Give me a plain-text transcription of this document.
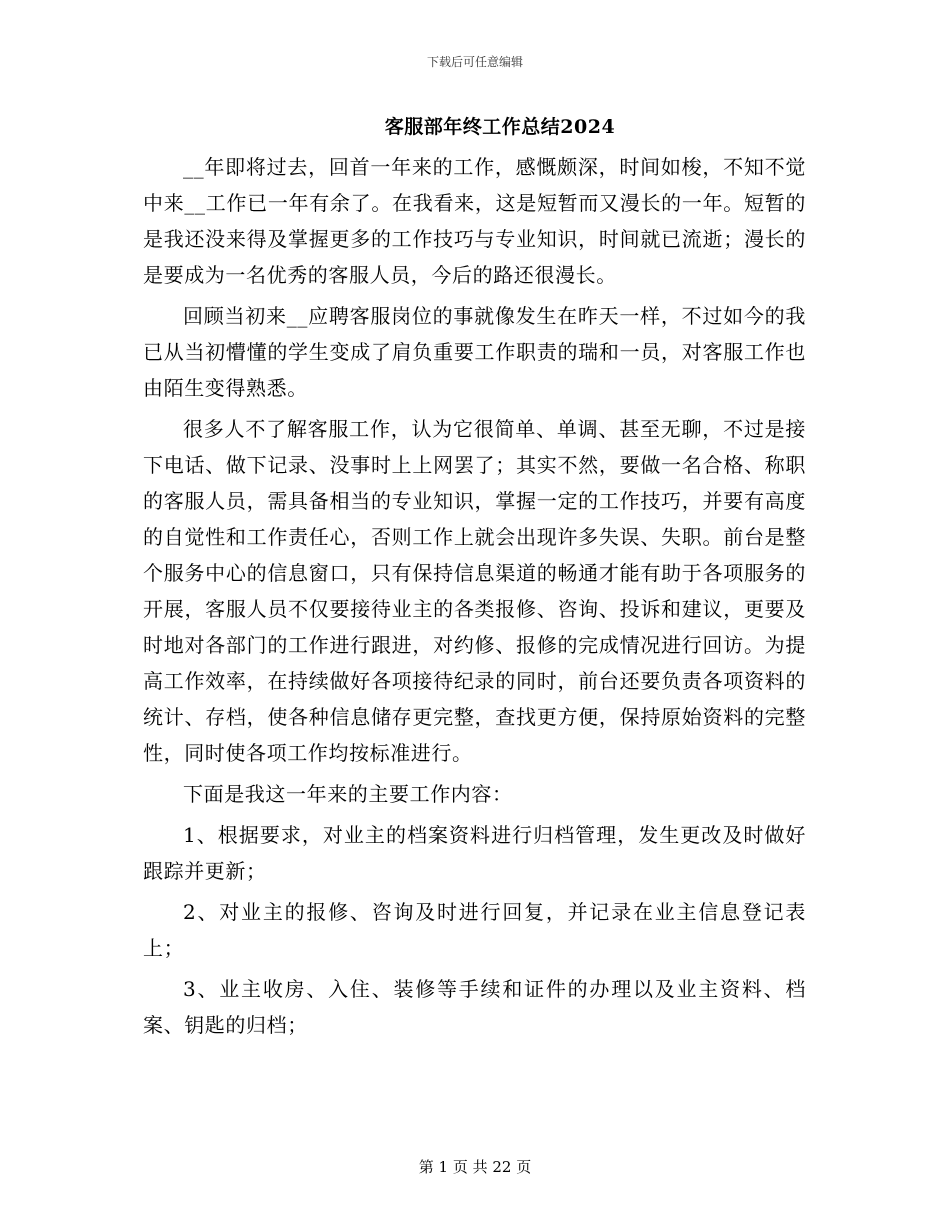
下载后可任意编辑
客服部年终工作总结2024

__年即将过去，回首一年来的工作，感慨颇深，时间如梭，不知不觉中来__工作已一年有余了。在我看来，这是短暂而又漫长的一年。短暂的是我还没来得及掌握更多的工作技巧与专业知识，时间就已流逝；漫长的是要成为一名优秀的客服人员，今后的路还很漫长。

回顾当初来__应聘客服岗位的事就像发生在昨天一样，不过如今的我已从当初懵懂的学生变成了肩负重要工作职责的瑞和一员，对客服工作也由陌生变得熟悉。

很多人不了解客服工作，认为它很简单、单调、甚至无聊，不过是接下电话、做下记录、没事时上上网罢了；其实不然，要做一名合格、称职的客服人员，需具备相当的专业知识，掌握一定的工作技巧，并要有高度的自觉性和工作责任心，否则工作上就会出现许多失误、失职。前台是整个服务中心的信息窗口，只有保持信息渠道的畅通才能有助于各项服务的开展，客服人员不仅要接待业主的各类报修、咨询、投诉和建议，更要及时地对各部门的工作进行跟进，对约修、报修的完成情况进行回访。为提高工作效率，在持续做好各项接待纪录的同时，前台还要负责各项资料的统计、存档，使各种信息储存更完整，查找更方便，保持原始资料的完整性，同时使各项工作均按标准进行。

下面是我这一年来的主要工作内容：

1、根据要求，对业主的档案资料进行归档管理，发生更改及时做好跟踪并更新；

2、对业主的报修、咨询及时进行回复，并记录在业主信息登记表上；

3、业主收房、入住、装修等手续和证件的办理以及业主资料、档案、钥匙的归档；

第 1 页 共 22 页
